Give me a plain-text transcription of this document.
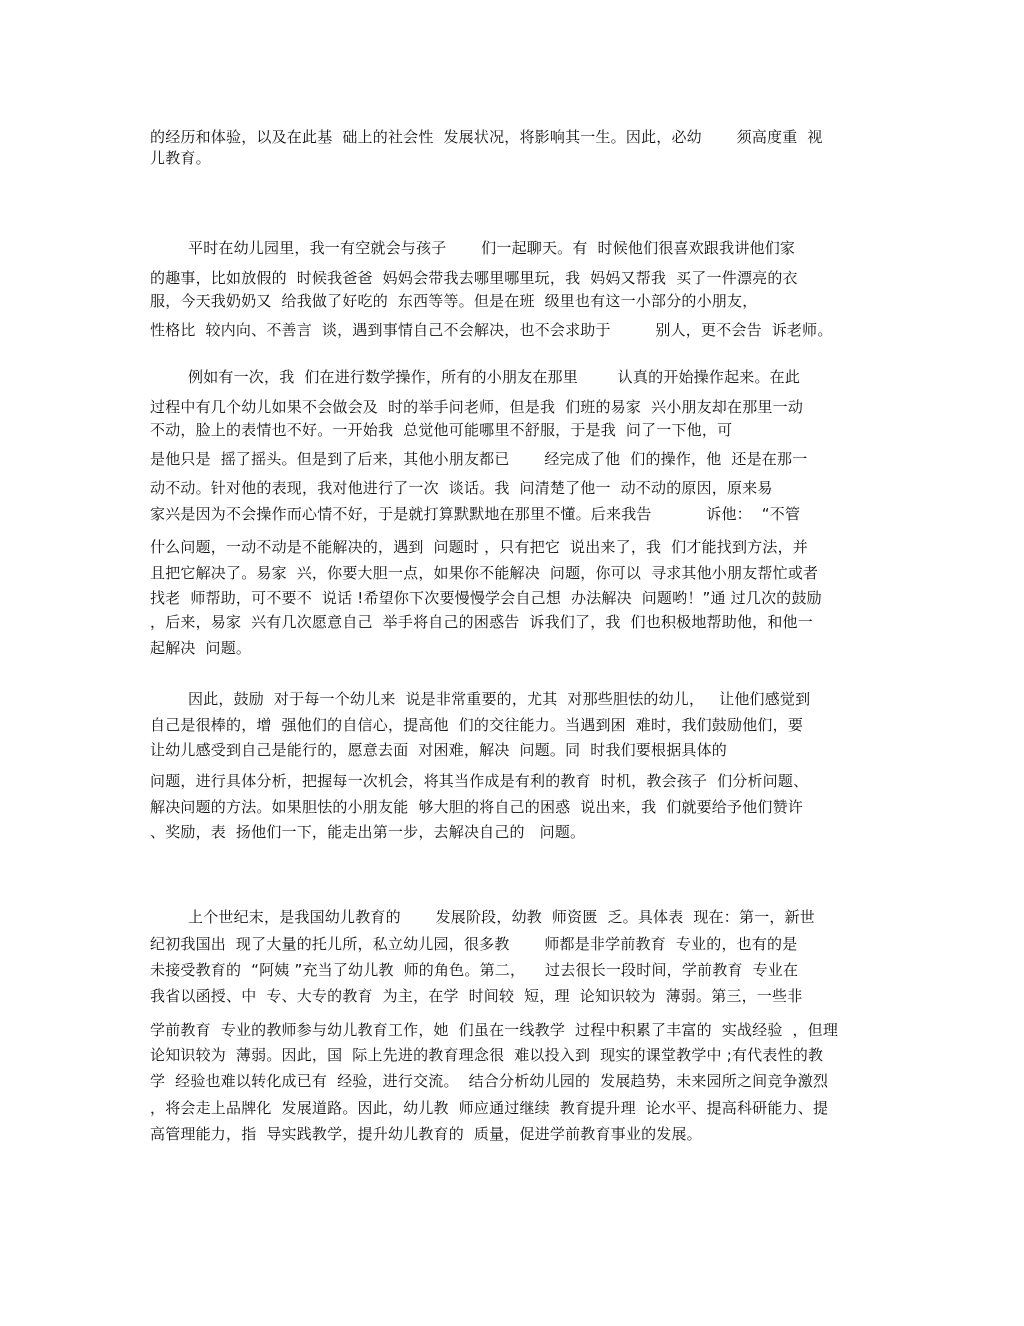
的经历和体验，以及在此基  础上的社会性  发展状况，将影响其一生。因此，必幼       须高度重  视
儿教育。
平时在幼儿园里，我一有空就会与孩子       们一起聊天。有  时候他们很喜欢跟我讲他们家
的趣事，比如放假的  时候我爸爸  妈妈会带我去哪里哪里玩，我  妈妈又帮我  买了一件漂亮的衣
服，今天我奶奶又  给我做了好吃的  东西等等。但是在班  级里也有这一小部分的小朋友，
性格比  较内向、不善言  谈，遇到事情自己不会解决，也不会求助于         别人，更不会告  诉老师。
例如有一次，我  们在进行数学操作，所有的小朋友在那里        认真的开始操作起来。在此
过程中有几个幼儿如果不会做会及  时的举手问老师，但是我  们班的易家  兴小朋友却在那里一动
不动，脸上的表情也不好。一开始我  总觉他可能哪里不舒服，于是我  问了一下他，可
是他只是  摇了摇头。但是到了后来，其他小朋友都已       经完成了他  们的操作，他  还是在那一
动不动。针对他的表现，我对他进行了一次  谈话。我  问清楚了他一  动不动的原因，原来易
家兴是因为不会操作而心情不好，于是就打算默默地在那里不懂。后来我告           诉他：  “不管
什么问题，一动不动是不能解决的，遇到  问题时 ，只有把它  说出来了，我  们才能找到方法，并
且把它解决了。易家  兴，你要大胆一点，如果你不能解决  问题，你可以  寻求其他小朋友帮忙或者
找老  师帮助，可不要不  说话 !希望你下次要慢慢学会自己想  办法解决  问题哟！”通 过几次的鼓励
，后来，易家  兴有几次愿意自己  举手将自己的困惑告  诉我们了，我  们也积极地帮助他，和他一
起解决  问题。
因此，鼓励  对于每一个幼儿来  说是非常重要的，尤其  对那些胆怯的幼儿，   让他们感觉到
自己是很棒的，增  强他们的自信心，提高他  们的交往能力。当遇到困  难时，我们鼓励他们，要
让幼儿感受到自己是能行的，愿意去面  对困难，解决  问题。同  时我们要根据具体的
问题，进行具体分析，把握每一次机会，将其当作成是有利的教育  时机，教会孩子  们分析问题、
解决问题的方法。如果胆怯的小朋友能  够大胆的将自己的困惑  说出来，我  们就要给予他们赞许
、奖励，表  扬他们一下，能走出第一步，去解决自己的   问题。
上个世纪末，是我国幼儿教育的       发展阶段，幼教  师资匮  乏。具体表  现在：第一，新世
纪初我国出  现了大量的托儿所，私立幼儿园，很多教       师都是非学前教育  专业的，也有的是
未接受教育的  “阿姨 ”充当了幼儿教  师的角色。第二，    过去很长一段时间，学前教育  专业在
我省以函授、中  专、大专的教育  为主，在学  时间较  短，理  论知识较为  薄弱。第三，一些非
学前教育  专业的教师参与幼儿教育工作，她  们虽在一线教学  过程中积累了丰富的  实战经验  ，但理
论知识较为  薄弱。因此，国  际上先进的教育理念很  难以投入到  现实的课堂教学中 ;有代表性的教
学  经验也难以转化成已有  经验，进行交流。  结合分析幼儿园的  发展趋势，未来园所之间竞争激烈
，将会走上品牌化  发展道路。因此，幼儿教  师应通过继续  教育提升理  论水平、提高科研能力、提
高管理能力，指  导实践教学，提升幼儿教育的  质量，促进学前教育事业的发展。
